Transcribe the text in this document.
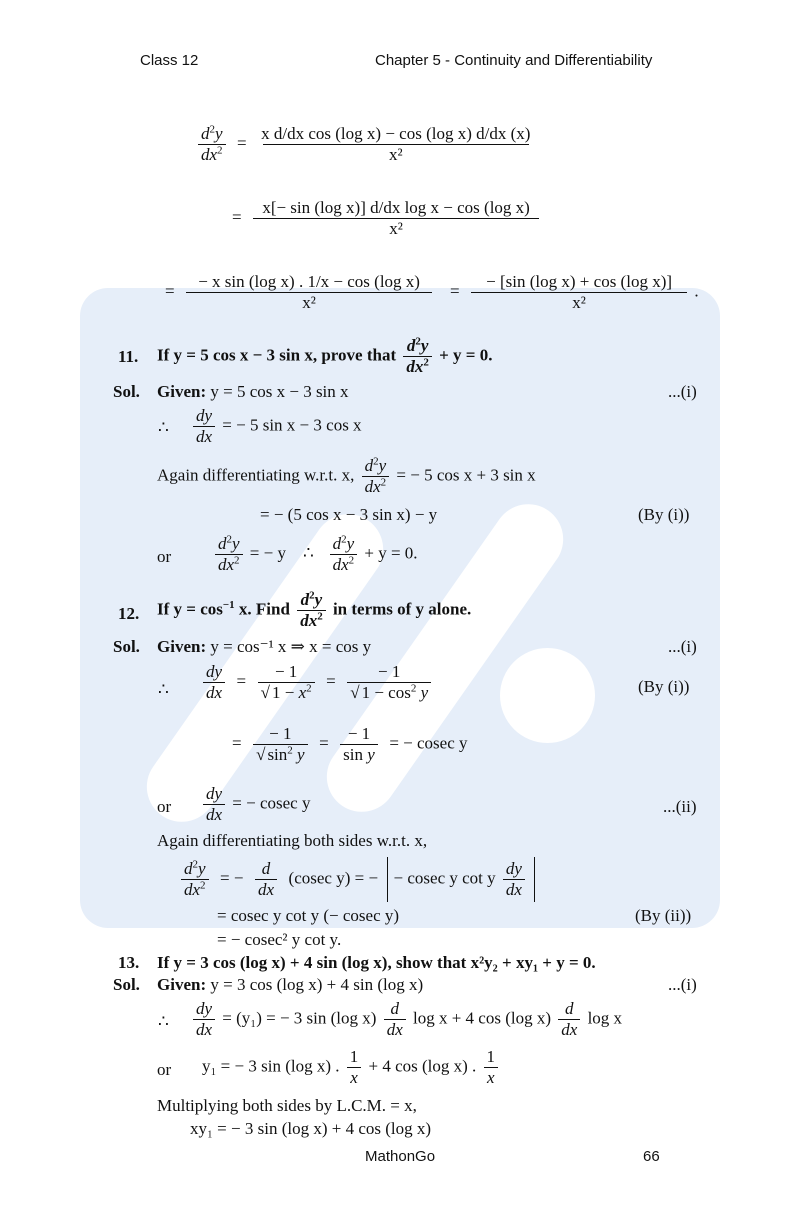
Class 12	Chapter 5 - Continuity and Differentiability
$\frac{d^2y}{dx^2} = \frac{\text{x d/dx cos (log x) − cos (log x) d/dx (x)}}{\text{x²}}$
= $\frac{\text{x[− sin (log x)] d/dx log x − cos (log x)}}{\text{x²}}$
= $\frac{\text{− x sin (log x) . 1/x − cos (log x)}}{\text{x²}} = \frac{\text{− [sin (log x) + cos (log x)]}}{\text{x²}}$ .
11. If y = 5 cos x − 3 sin x, prove that $\frac{d^2y}{dx^2} + y = 0$.
Sol. Given: y = 5 cos x − 3 sin x	...(i)
∴ $\frac{dy}{dx}$ = − 5 sin x − 3 cos x
Again differentiating w.r.t. x, $\frac{d^2y}{dx^2}$ = − 5 cos x + 3 sin x
= − (5 cos x − 3 sin x) − y	(By (i))
or	$\frac{d^2y}{dx^2}$ = − y ∴ $\frac{d^2y}{dx^2} + y = 0$.
12. If $y = \cos^{-1} x$. Find $\frac{d^2y}{dx^2}$ in terms of y alone.
Sol. Given: y = cos⁻¹ x ⇒ x = cos y	...(i)
∴ $\frac{dy}{dx} = \frac{- 1}{√ 1 - x^2} = \frac{- 1}{√ 1 - \cos^2 y}$	(By (i))
= $\frac{- 1}{√ \sin^2 y} = \frac{- 1}{\text{sin y}}$ = − cosec y
or $\frac{dy}{dx}$ = − cosec y	...(ii)
Again differentiating both sides w.r.t. x,
$\frac{d^2y}{dx^2}$ = − $\frac{d}{dx} (cosec$ y) = − − cosec y cot y $\frac{dy}{dx}$
= cosec y cot y (− cosec y)	(By (ii))
= − cosec² y cot y.
13. If y = 3 cos (log x) + 4 sin (log x), show that x²y₂ + xy₁ + y = 0.
Sol. Given: y = 3 cos (log x) + 4 sin (log x)	...(i)
∴ $\frac{dy}{dx} = (y_1)$ = − 3 sin (log $x) \frac{d}{dx}$ log x + 4 cos (log $x) \frac{d}{dx}$ log x
or y₁ = − 3 sin (log x) . $\frac{1}{x} + 4$ cos (log x) . $\frac{1}{x}$
Multiplying both sides by L.C.M. = x,
xy₁ = − 3 sin (log x) + 4 cos (log x)
MathonGo	66
